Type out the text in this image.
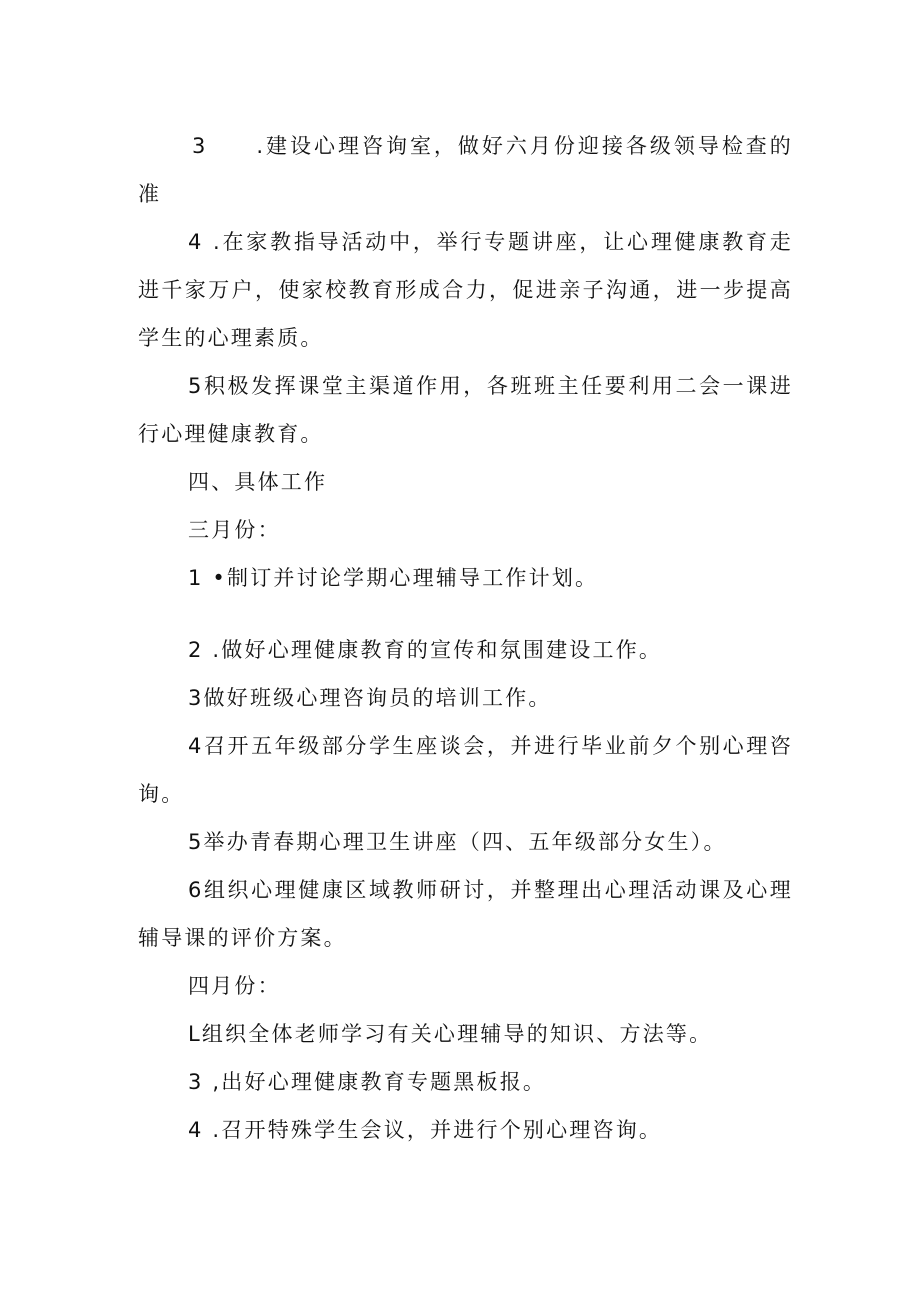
3　　.建设心理咨询室，做好六月份迎接各级领导检查的准

4 .在家教指导活动中，举行专题讲座，让心理健康教育走进千家万户，使家校教育形成合力，促进亲子沟通，进一步提高学生的心理素质。

5积极发挥课堂主渠道作用，各班班主任要利用二会一课进行心理健康教育。

四、具体工作

三月份：

1 •制订并讨论学期心理辅导工作计划。

2 .做好心理健康教育的宣传和氛围建设工作。

3做好班级心理咨询员的培训工作。

4召开五年级部分学生座谈会，并进行毕业前夕个别心理咨询。

5举办青春期心理卫生讲座（四、五年级部分女生）。

6组织心理健康区域教师研讨，并整理出心理活动课及心理辅导课的评价方案。

四月份：

L组织全体老师学习有关心理辅导的知识、方法等。

3 ,出好心理健康教育专题黑板报。

4 .召开特殊学生会议，并进行个别心理咨询。
